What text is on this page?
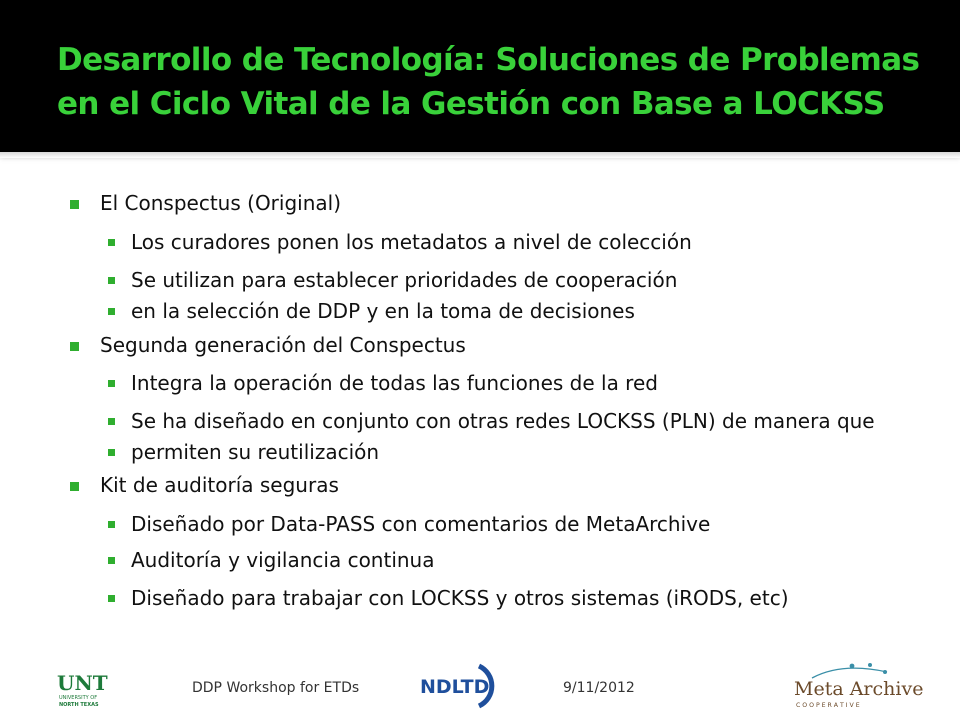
Desarrollo de Tecnología: Soluciones de Problemas en el Ciclo Vital de la Gestión con Base a LOCKSS
El Conspectus (Original)
Los curadores ponen los metadatos a nivel de colección
Se utilizan para establecer prioridades de cooperación
en la selección de DDP y en la toma de decisiones
Segunda generación del Conspectus
Integra la operación de todas las funciones de la red
Se ha diseñado en conjunto con otras redes LOCKSS (PLN) de manera que
permiten su reutilización
Kit de auditoría seguras
Diseñado por Data-PASS con comentarios de MetaArchive
Auditoría y vigilancia continua
Diseñado para trabajar con LOCKSS y otros sistemas (iRODS, etc)
UNT
UNIVERSITY OF
NORTH TEXAS
DDP Workshop for ETDs	NDLTD	9/11/2012	Meta Archive
C O O P E R A T I V E
